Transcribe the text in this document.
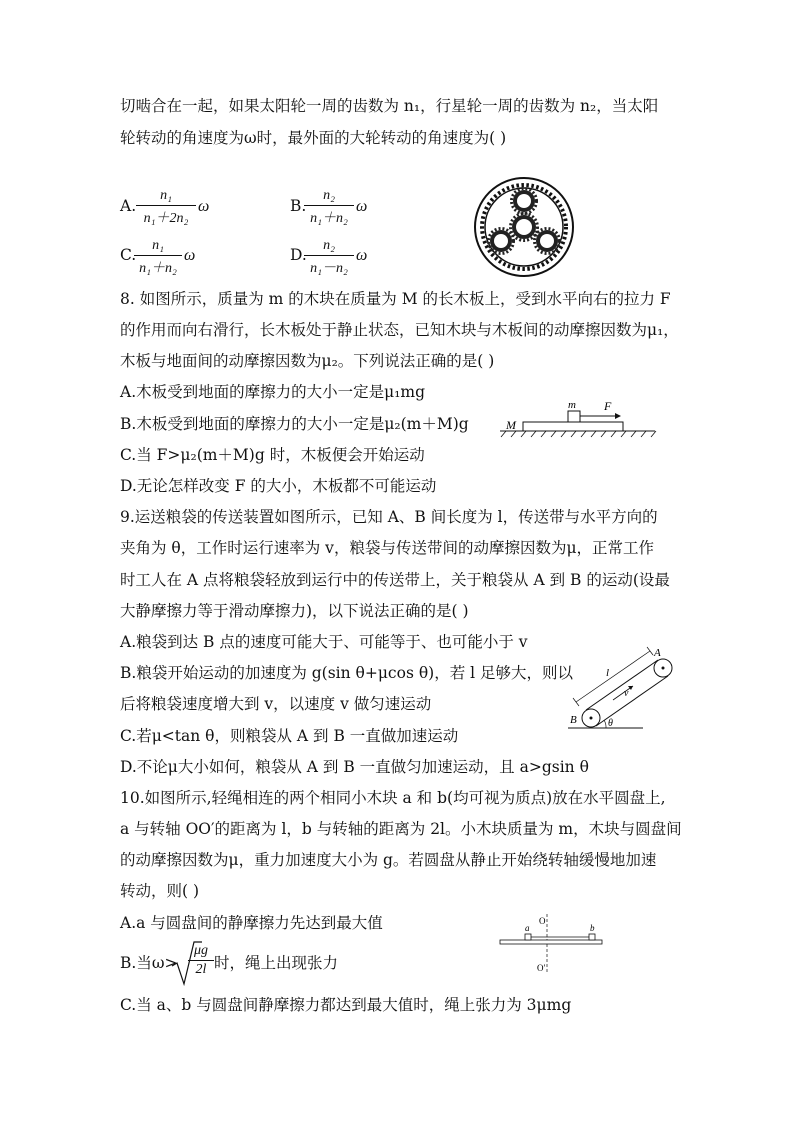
切啮合在一起，如果太阳轮一周的齿数为 n₁，行星轮一周的齿数为 n₂，当太阳
轮转动的角速度为ω时，最外面的大轮转动的角速度为( )
A.
n₁
n₁＋2n₂
ω	B.
n₂
n₁＋n₂
ω
C.
n₁
n₁＋n₂
ω	D.
n₂
n₁－n₂
ω
8. 如图所示，质量为 m 的木块在质量为 M 的长木板上，受到水平向右的拉力 F
的作用而向右滑行，长木板处于静止状态，已知木块与木板间的动摩擦因数为μ₁，
木板与地面间的动摩擦因数为μ₂。下列说法正确的是( )
A.木板受到地面的摩擦力的大小一定是μ₁mg
B.木板受到地面的摩擦力的大小一定是μ₂(m＋M)g
C.当 F>μ₂(m＋M)g 时，木板便会开始运动
D.无论怎样改变 F 的大小，木板都不可能运动
m F
M
9.运送粮袋的传送装置如图所示，已知 A、B 间长度为 l，传送带与水平方向的
夹角为 θ，工作时运行速率为 v，粮袋与传送带间的动摩擦因数为μ，正常工作
时工人在 A 点将粮袋轻放到运行中的传送带上，关于粮袋从 A 到 B 的运动(设最
大静摩擦力等于滑动摩擦力)，以下说法正确的是( )
A.粮袋到达 B 点的速度可能大于、可能等于、也可能小于 v
B.粮袋开始运动的加速度为 g(sin θ+μcos θ)，若 l 足够大，则以
后将粮袋速度增大到 v，以速度 v 做匀速运动
C.若μ<tan θ，则粮袋从 A 到 B 一直做加速运动
D.不论μ大小如何，粮袋从 A 到 B 一直做匀加速运动，且 a>gsin θ
A
B
l
v
θ
10.如图所示,轻绳相连的两个相同小木块 a 和 b(均可视为质点)放在水平圆盘上,
a 与转轴 OO′的距离为 l，b 与转轴的距离为 2l。小木块质量为 m，木块与圆盘间
的动摩擦因数为μ，重力加速度大小为 g。若圆盘从静止开始绕转轴缓慢地加速
转动，则( )
A.a 与圆盘间的静摩擦力先达到最大值
B.当ω>
μg
2l 时，绳上出现张力
C.当 a、b 与圆盘间静摩擦力都达到最大值时，绳上张力为 3μmg
O
O′
a	b
